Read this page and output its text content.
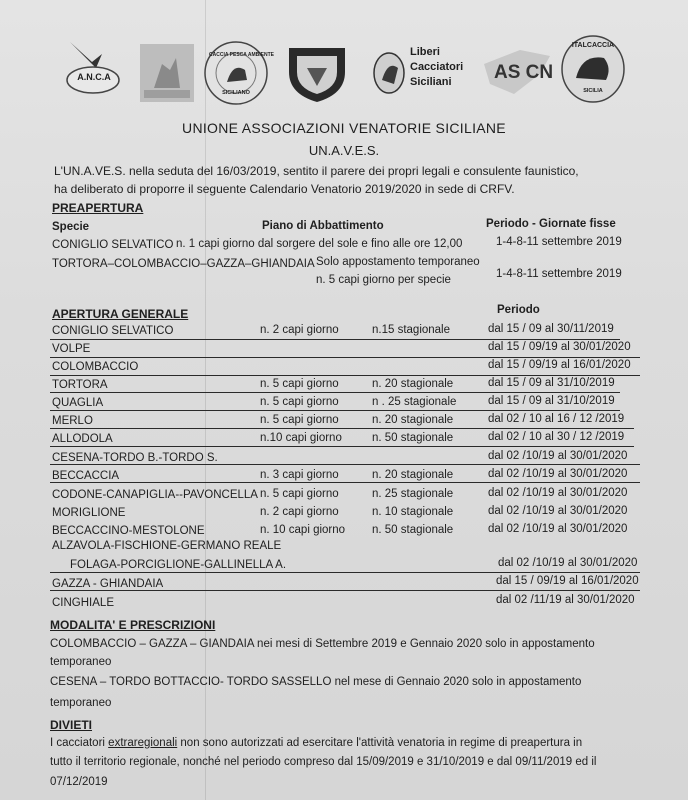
A.N.C.A
CACCIA PESCA AMBIENTE
SICILIANO
Liberi
Cacciatori
Siciliani AS CN
ITALCACCIA
SICILIA
UNIONE ASSOCIAZIONI VENATORIE SICILIANE
UN.A.V.E.S.
L'UN.A.VE.S. nella seduta del 16/03/2019, sentito il parere dei propri legali e consulente faunistico,
ha deliberato di proporre il seguente Calendario Venatorio 2019/2020 in sede di CRFV.
PREAPERTURA
Specie	Piano di Abbattimento	Periodo - Giornate fisse
CONIGLIO SELVATICO n. 1 capi giorno dal sorgere del sole e fino alle ore 12,00	1-4-8-11 settembre 2019
TORTORA–COLOMBACCIO–GAZZA–GHIANDAIA Solo appostamento temporaneo
n. 5 capi giorno per specie	1-4-8-11 settembre 2019
APERTURA GENERALE	Periodo
CONIGLIO SELVATICO	n. 2 capi giorno	n.15 stagionale	dal 15 / 09 al 30/11/2019
VOLPE	dal 15 / 09/19 al 30/01/2020
COLOMBACCIO	dal 15 / 09/19 al 16/01/2020
TORTORA	n. 5 capi giorno	n. 20 stagionale	dal 15 / 09 al 31/10/2019
QUAGLIA	n. 5 capi giorno	n . 25 stagionale	dal 15 / 09 al 31/10/2019
MERLO	n. 5 capi giorno	n. 20 stagionale	dal 02 / 10 al 16 / 12 /2019
ALLODOLA	n.10 capi giorno	n. 50 stagionale	dal 02 / 10 al 30 / 12 /2019
CESENA-TORDO B.-TORDO S.	dal 02 /10/19 al 30/01/2020
BECCACCIA	n. 3 capi giorno	n. 20 stagionale	dal 02 /10/19 al 30/01/2020
CODONE-CANAPIGLIA--PAVONCELLA n. 5 capi giorno	n. 25 stagionale	dal 02 /10/19 al 30/01/2020
MORIGLIONE	n. 2 capi giorno	n. 10 stagionale	dal 02 /10/19 al 30/01/2020
BECCACCINO-MESTOLONE	n. 10 capi giorno n. 50 stagionale	dal 02 /10/19 al 30/01/2020
ALZAVOLA-FISCHIONE-GERMANO REALE
FOLAGA-PORCIGLIONE-GALLINELLA A.	dal 02 /10/19 al 30/01/2020
GAZZA - GHIANDAIA	dal 15 / 09/19 al 16/01/2020
CINGHIALE	dal 02 /11/19 al 30/01/2020
MODALITA' E PRESCRIZIONI
COLOMBACCIO – GAZZA – GIANDAIA nei mesi di Settembre 2019 e Gennaio 2020 solo in appostamento
temporaneo
CESENA – TORDO BOTTACCIO- TORDO SASSELLO nel mese di Gennaio 2020 solo in appostamento
temporaneo
DIVIETI
I cacciatori extraregionali non sono autorizzati ad esercitare l'attività venatoria in regime di preapertura in
tutto il territorio regionale, nonché nel periodo compreso dal 15/09/2019 e 31/10/2019 e dal 09/11/2019 ed il
07/12/2019
